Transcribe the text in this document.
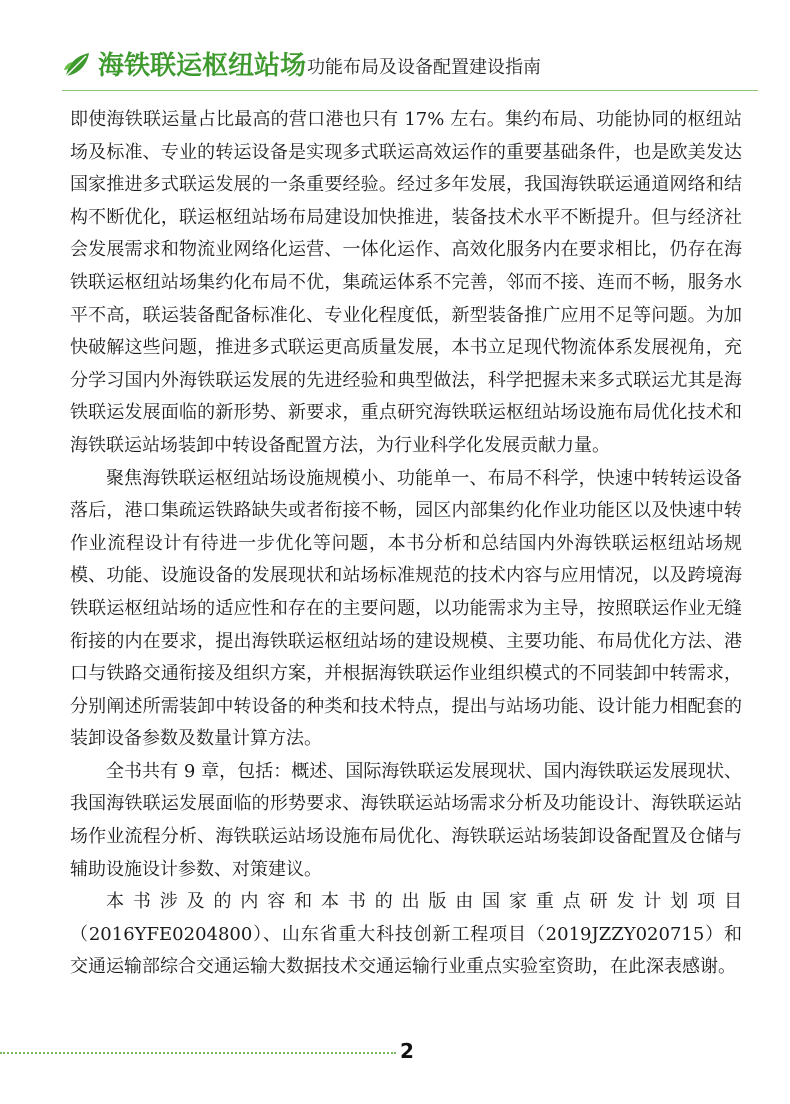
海铁联运枢纽站场 功能布局及设备配置建设指南

即使海铁联运量占比最高的营口港也只有 17% 左右。集约布局、功能协同的枢纽站场及标准、专业的转运设备是实现多式联运高效运作的重要基础条件，也是欧美发达国家推进多式联运发展的一条重要经验。经过多年发展，我国海铁联运通道网络和结构不断优化，联运枢纽站场布局建设加快推进，装备技术水平不断提升。但与经济社会发展需求和物流业网络化运营、一体化运作、高效化服务内在要求相比，仍存在海铁联运枢纽站场集约化布局不优，集疏运体系不完善，邻而不接、连而不畅，服务水平不高，联运装备配备标准化、专业化程度低，新型装备推广应用不足等问题。为加快破解这些问题，推进多式联运更高质量发展，本书立足现代物流体系发展视角，充分学习国内外海铁联运发展的先进经验和典型做法，科学把握未来多式联运尤其是海铁联运发展面临的新形势、新要求，重点研究海铁联运枢纽站场设施布局优化技术和海铁联运站场装卸中转设备配置方法，为行业科学化发展贡献力量。

聚焦海铁联运枢纽站场设施规模小、功能单一、布局不科学，快速中转转运设备落后，港口集疏运铁路缺失或者衔接不畅，园区内部集约化作业功能区以及快速中转作业流程设计有待进一步优化等问题，本书分析和总结国内外海铁联运枢纽站场规模、功能、设施设备的发展现状和站场标准规范的技术内容与应用情况，以及跨境海铁联运枢纽站场的适应性和存在的主要问题，以功能需求为主导，按照联运作业无缝衔接的内在要求，提出海铁联运枢纽站场的建设规模、主要功能、布局优化方法、港口与铁路交通衔接及组织方案，并根据海铁联运作业组织模式的不同装卸中转需求，分别阐述所需装卸中转设备的种类和技术特点，提出与站场功能、设计能力相配套的装卸设备参数及数量计算方法。

全书共有 9 章，包括：概述、国际海铁联运发展现状、国内海铁联运发展现状、我国海铁联运发展面临的形势要求、海铁联运站场需求分析及功能设计、海铁联运站场作业流程分析、海铁联运站场设施布局优化、海铁联运站场装卸设备配置及仓储与辅助设施设计参数、对策建议。

本书涉及的内容和本书的出版由国家重点研发计划项目（2016YFE0204800）、山东省重大科技创新工程项目（2019JZZY020715）和交通运输部综合交通运输大数据技术交通运输行业重点实验室资助，在此深表感谢。

2
